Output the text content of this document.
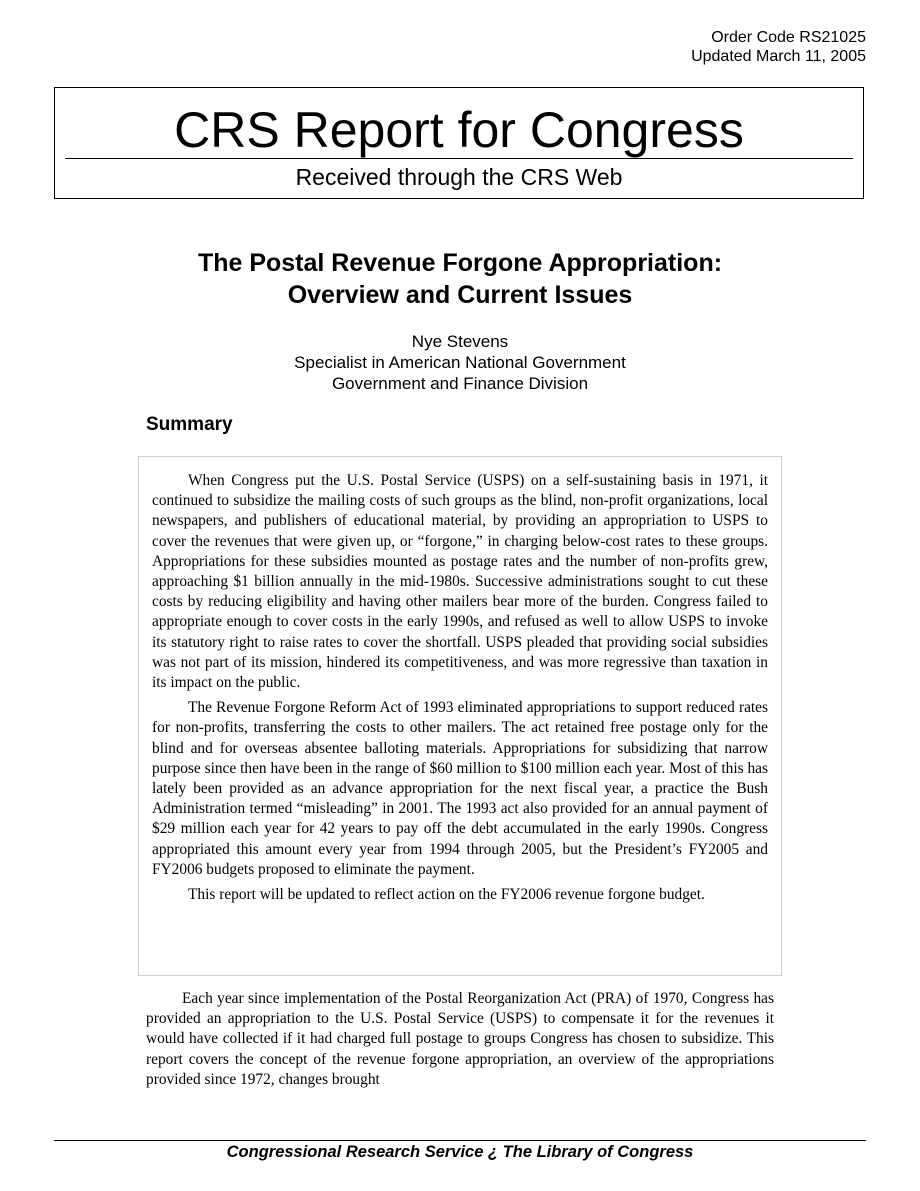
Order Code RS21025
Updated March 11, 2005
CRS Report for Congress
Received through the CRS Web
The Postal Revenue Forgone Appropriation:
Overview and Current Issues
Nye Stevens
Specialist in American National Government
Government and Finance Division
Summary

When Congress put the U.S. Postal Service (USPS) on a self-sustaining basis in 1971, it continued to subsidize the mailing costs of such groups as the blind, non-profit organizations, local newspapers, and publishers of educational material, by providing an appropriation to USPS to cover the revenues that were given up, or “forgone,” in charging below-cost rates to these groups. Appropriations for these subsidies mounted as postage rates and the number of non-profits grew, approaching $1 billion annually in the mid-1980s. Successive administrations sought to cut these costs by reducing eligibility and having other mailers bear more of the burden. Congress failed to appropriate enough to cover costs in the early 1990s, and refused as well to allow USPS to invoke its statutory right to raise rates to cover the shortfall. USPS pleaded that providing social subsidies was not part of its mission, hindered its competitiveness, and was more regressive than taxation in its impact on the public.

The Revenue Forgone Reform Act of 1993 eliminated appropriations to support reduced rates for non-profits, transferring the costs to other mailers. The act retained free postage only for the blind and for overseas absentee balloting materials. Appropriations for subsidizing that narrow purpose since then have been in the range of $60 million to $100 million each year. Most of this has lately been provided as an advance appropriation for the next fiscal year, a practice the Bush Administration termed “misleading” in 2001. The 1993 act also provided for an annual payment of $29 million each year for 42 years to pay off the debt accumulated in the early 1990s. Congress appropriated this amount every year from 1994 through 2005, but the President’s FY2005 and FY2006 budgets proposed to eliminate the payment.

This report will be updated to reflect action on the FY2006 revenue forgone budget.

Each year since implementation of the Postal Reorganization Act (PRA) of 1970, Congress has provided an appropriation to the U.S. Postal Service (USPS) to compensate it for the revenues it would have collected if it had charged full postage to groups Congress has chosen to subsidize. This report covers the concept of the revenue forgone appropriation, an overview of the appropriations provided since 1972, changes brought

Congressional Research Service ¿ The Library of Congress
